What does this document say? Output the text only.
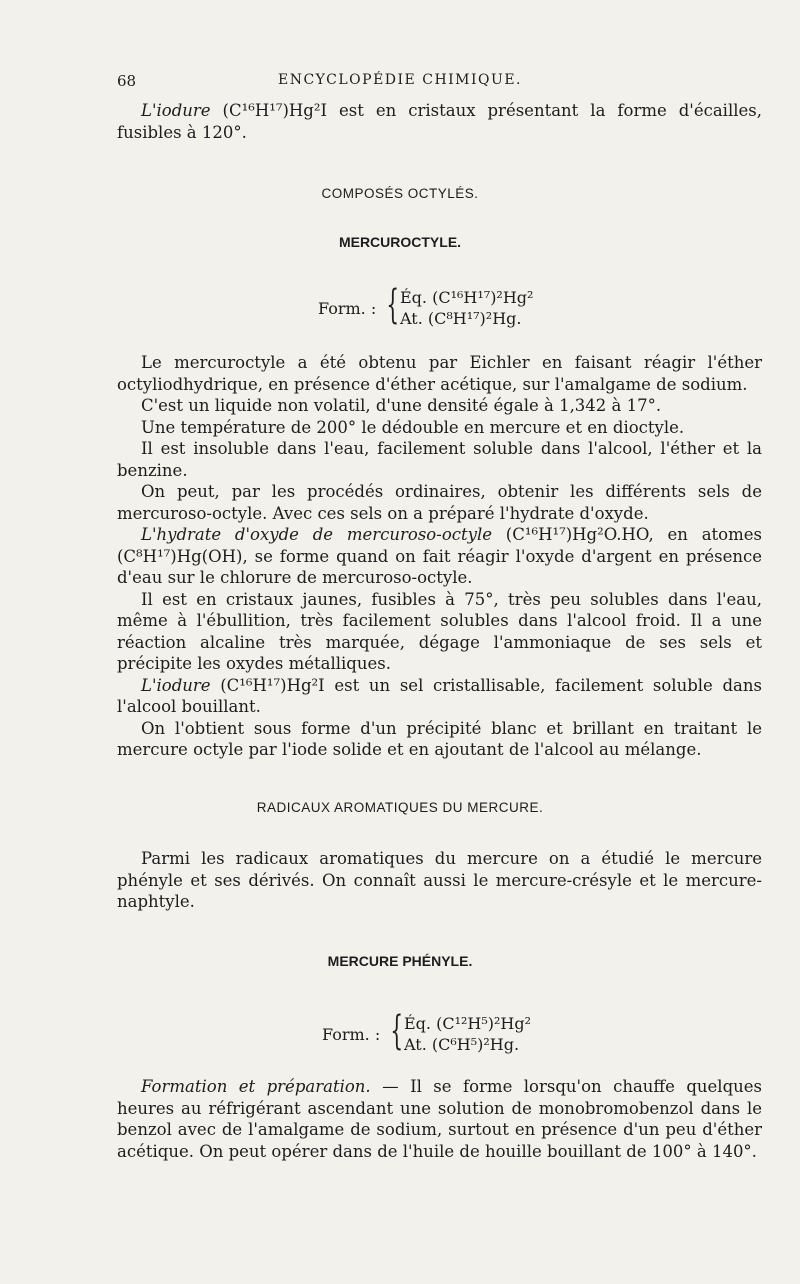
68	ENCYCLOPÉDIE CHIMIQUE.

L'iodure (C¹⁶H¹⁷)Hg²I est en cristaux présentant la forme d'écailles, fusibles à 120°.

COMPOSÉS OCTYLÉS.
MERCUROCTYLE.
Form. : { Éq. (C¹⁶H¹⁷)²Hg²
At. (C⁸H¹⁷)²Hg.

Le mercuroctyle a été obtenu par Eichler en faisant réagir l'éther octyliodhydrique, en présence d'éther acétique, sur l'amalgame de sodium.

C'est un liquide non volatil, d'une densité égale à 1,342 à 17°.

Une température de 200° le dédouble en mercure et en dioctyle.

Il est insoluble dans l'eau, facilement soluble dans l'alcool, l'éther et la benzine.

On peut, par les procédés ordinaires, obtenir les différents sels de mercuroso-octyle. Avec ces sels on a préparé l'hydrate d'oxyde.

L'hydrate d'oxyde de mercuroso-octyle (C¹⁶H¹⁷)Hg²O.HO, en atomes (C⁸H¹⁷)Hg(OH), se forme quand on fait réagir l'oxyde d'argent en présence d'eau sur le chlorure de mercuroso-octyle.

Il est en cristaux jaunes, fusibles à 75°, très peu solubles dans l'eau, même à l'ébullition, très facilement solubles dans l'alcool froid. Il a une réaction alcaline très marquée, dégage l'ammoniaque de ses sels et précipite les oxydes métalliques.

L'iodure (C¹⁶H¹⁷)Hg²I est un sel cristallisable, facilement soluble dans l'alcool bouillant.

On l'obtient sous forme d'un précipité blanc et brillant en traitant le mercure octyle par l'iode solide et en ajoutant de l'alcool au mélange.

RADICAUX AROMATIQUES DU MERCURE.

Parmi les radicaux aromatiques du mercure on a étudié le mercure phényle et ses dérivés. On connaît aussi le mercure-crésyle et le mercure-naphtyle.

MERCURE PHÉNYLE.
Form. : { Éq. (C¹²H⁵)²Hg²
At. (C⁶H⁵)²Hg.

Formation et préparation. — Il se forme lorsqu'on chauffe quelques heures au réfrigérant ascendant une solution de monobromobenzol dans le benzol avec de l'amalgame de sodium, surtout en présence d'un peu d'éther acétique. On peut opérer dans de l'huile de houille bouillant de 100° à 140°.
